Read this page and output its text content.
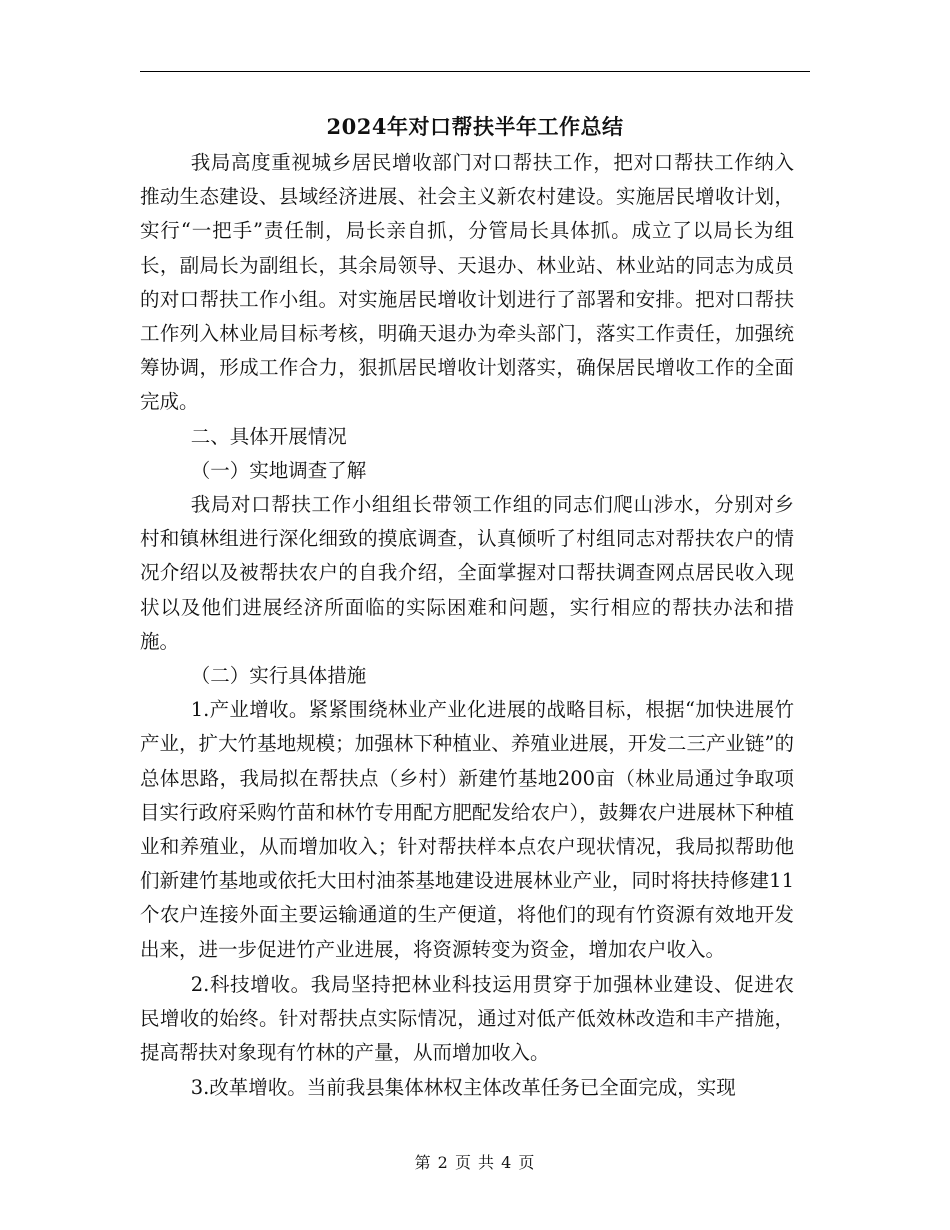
2024年对口帮扶半年工作总结

我局高度重视城乡居民增收部门对口帮扶工作，把对口帮扶工作纳入推动生态建设、县域经济进展、社会主义新农村建设。实施居民增收计划，实行“一把手”责任制，局长亲自抓，分管局长具体抓。成立了以局长为组长，副局长为副组长，其余局领导、天退办、林业站、林业站的同志为成员的对口帮扶工作小组。对实施居民增收计划进行了部署和安排。把对口帮扶工作列入林业局目标考核，明确天退办为牵头部门，落实工作责任，加强统筹协调，形成工作合力，狠抓居民增收计划落实，确保居民增收工作的全面完成。

二、具体开展情况

（一）实地调查了解

我局对口帮扶工作小组组长带领工作组的同志们爬山涉水，分别对乡村和镇林组进行深化细致的摸底调查，认真倾听了村组同志对帮扶农户的情况介绍以及被帮扶农户的自我介绍，全面掌握对口帮扶调查网点居民收入现状以及他们进展经济所面临的实际困难和问题，实行相应的帮扶办法和措施。

（二）实行具体措施

1.产业增收。紧紧围绕林业产业化进展的战略目标，根据“加快进展竹产业，扩大竹基地规模；加强林下种植业、养殖业进展，开发二三产业链”的总体思路，我局拟在帮扶点（乡村）新建竹基地200亩（林业局通过争取项目实行政府采购竹苗和林竹专用配方肥配发给农户），鼓舞农户进展林下种植业和养殖业，从而增加收入；针对帮扶样本点农户现状情况，我局拟帮助他们新建竹基地或依托大田村油茶基地建设进展林业产业，同时将扶持修建11个农户连接外面主要运输通道的生产便道，将他们的现有竹资源有效地开发出来，进一步促进竹产业进展，将资源转变为资金，增加农户收入。

2.科技增收。我局坚持把林业科技运用贯穿于加强林业建设、促进农民增收的始终。针对帮扶点实际情况，通过对低产低效林改造和丰产措施，提高帮扶对象现有竹林的产量，从而增加收入。

3.改革增收。当前我县集体林权主体改革任务已全面完成，实现

第 2 页 共 4 页
